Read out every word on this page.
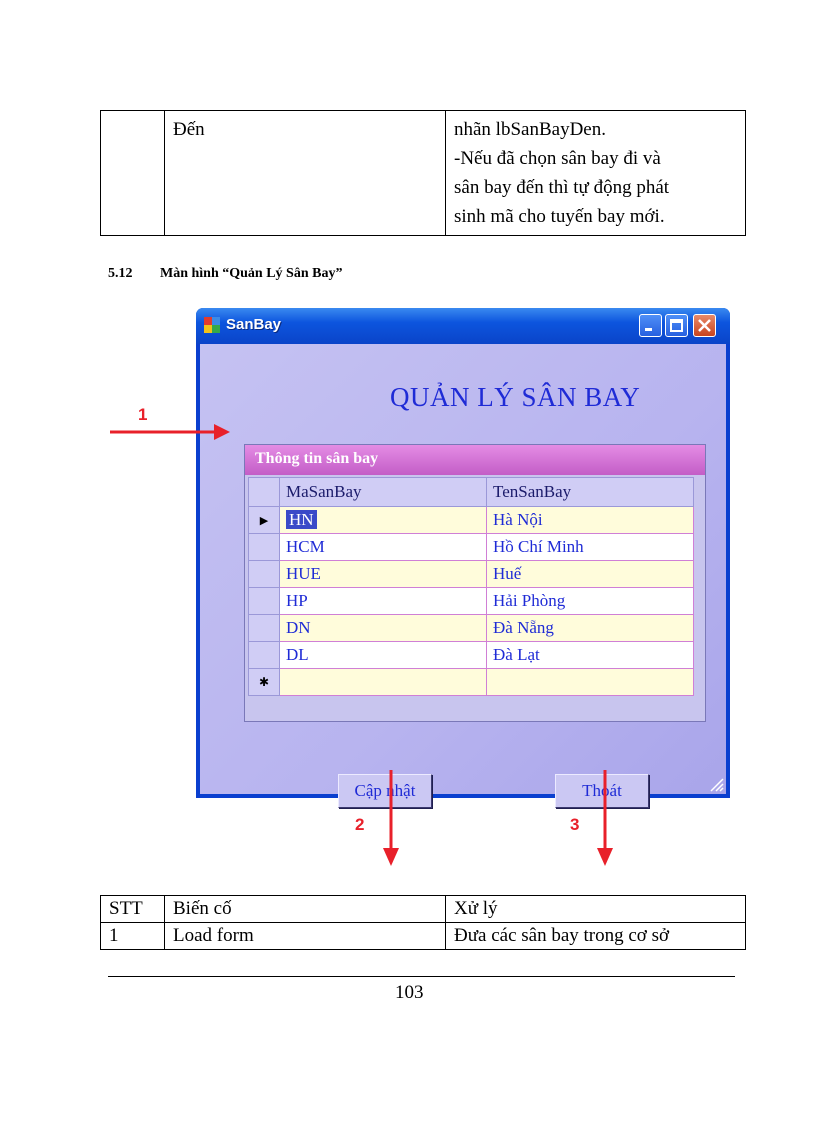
	Đến	nhãn lbSanBayDen.
-Nếu đã chọn sân bay đi và
sân bay đến thì tự động phát
sinh mã cho tuyến bay mới.
5.12 Màn hình “Quản Lý Sân Bay”
SanBay
QUẢN LÝ SÂN BAY
Thông tin sân bay
	MaSanBay	TenSanBay
▶	HN	Hà Nội
	HCM	Hồ Chí Minh
	HUE	Huế
	HP	Hải Phòng
	DN	Đà Nẵng
	DL	Đà Lạt
✱		
Cập nhật	Thoát
1
2	3
STT	Biến cố	Xử lý
1	Load form	Đưa các sân bay trong cơ sở
103
